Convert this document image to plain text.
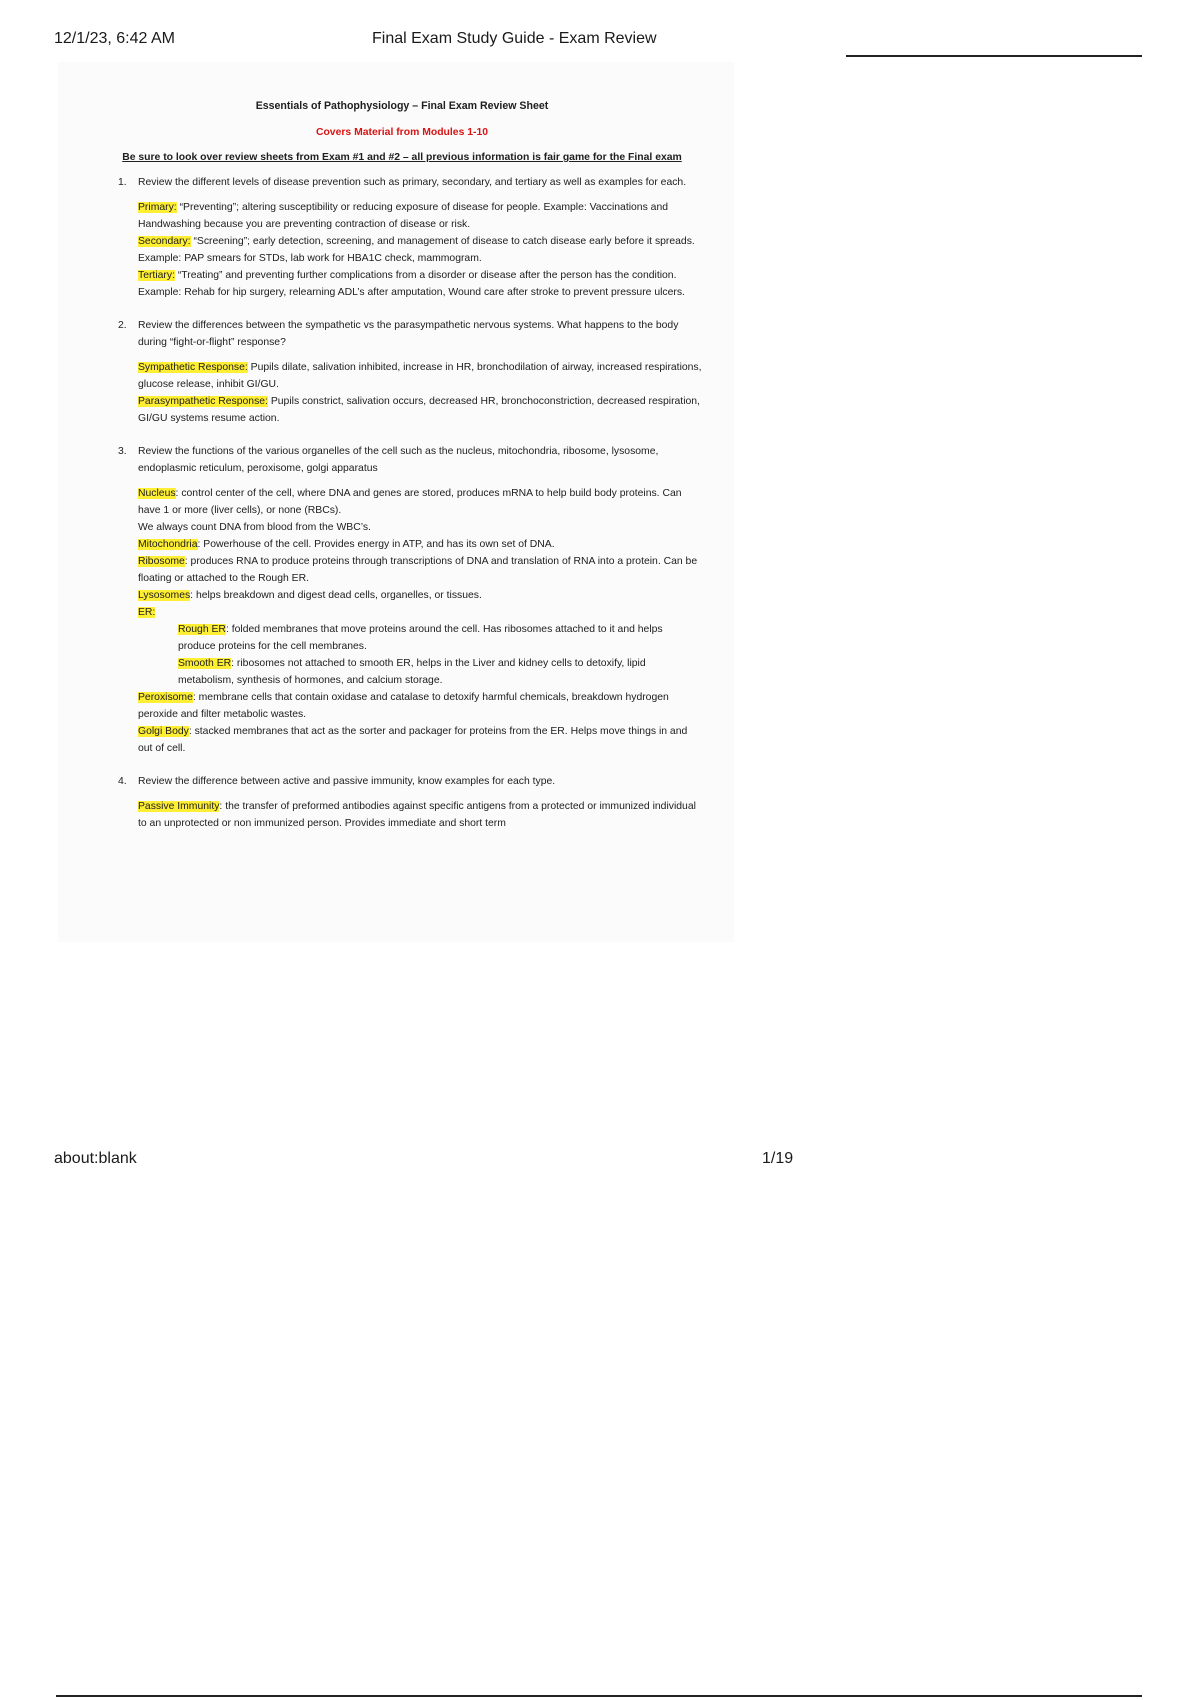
12/1/23, 6:42 AM	Final Exam Study Guide - Exam Review
Essentials of Pathophysiology – Final Exam Review Sheet
Covers Material from Modules 1-10
Be sure to look over review sheets from Exam #1 and #2 – all previous information is fair game for the Final exam
1. Review the different levels of disease prevention such as primary, secondary, and tertiary as well as examples for each.

Primary: “Preventing”; altering susceptibility or reducing exposure of disease for people. Example: Vaccinations and Handwashing because you are preventing contraction of disease or risk.

Secondary: “Screening”; early detection, screening, and management of disease to catch disease early before it spreads. Example: PAP smears for STDs, lab work for HBA1C check, mammogram.

Tertiary: “Treating” and preventing further complications from a disorder or disease after the person has the condition. Example: Rehab for hip surgery, relearning ADL’s after amputation, Wound care after stroke to prevent pressure ulcers.

2. Review the differences between the sympathetic vs the parasympathetic nervous systems. What happens to the body during “fight-or-flight” response?

Sympathetic Response: Pupils dilate, salivation inhibited, increase in HR, bronchodilation of airway, increased respirations, glucose release, inhibit GI/GU.

Parasympathetic Response: Pupils constrict, salivation occurs, decreased HR, bronchoconstriction, decreased respiration, GI/GU systems resume action.

3. Review the functions of the various organelles of the cell such as the nucleus, mitochondria, ribosome, lysosome, endoplasmic reticulum, peroxisome, golgi apparatus

Nucleus: control center of the cell, where DNA and genes are stored, produces mRNA to help build body proteins. Can have 1 or more (liver cells), or none (RBCs).

We always count DNA from blood from the WBC’s.

Mitochondria: Powerhouse of the cell. Provides energy in ATP, and has its own set of DNA.

Ribosome: produces RNA to produce proteins through transcriptions of DNA and translation of RNA into a protein. Can be floating or attached to the Rough ER.

Lysosomes: helps breakdown and digest dead cells, organelles, or tissues.

ER:

Rough ER: folded membranes that move proteins around the cell. Has ribosomes attached to it and helps produce proteins for the cell membranes.

Smooth ER: ribosomes not attached to smooth ER, helps in the Liver and kidney cells to detoxify, lipid metabolism, synthesis of hormones, and calcium storage.

Peroxisome: membrane cells that contain oxidase and catalase to detoxify harmful chemicals, breakdown hydrogen peroxide and filter metabolic wastes.

Golgi Body: stacked membranes that act as the sorter and packager for proteins from the ER. Helps move things in and out of cell.

4. Review the difference between active and passive immunity, know examples for each type.

Passive Immunity: the transfer of preformed antibodies against specific antigens from a protected or immunized individual to an unprotected or non immunized person. Provides immediate and short term

about:blank	1/19
